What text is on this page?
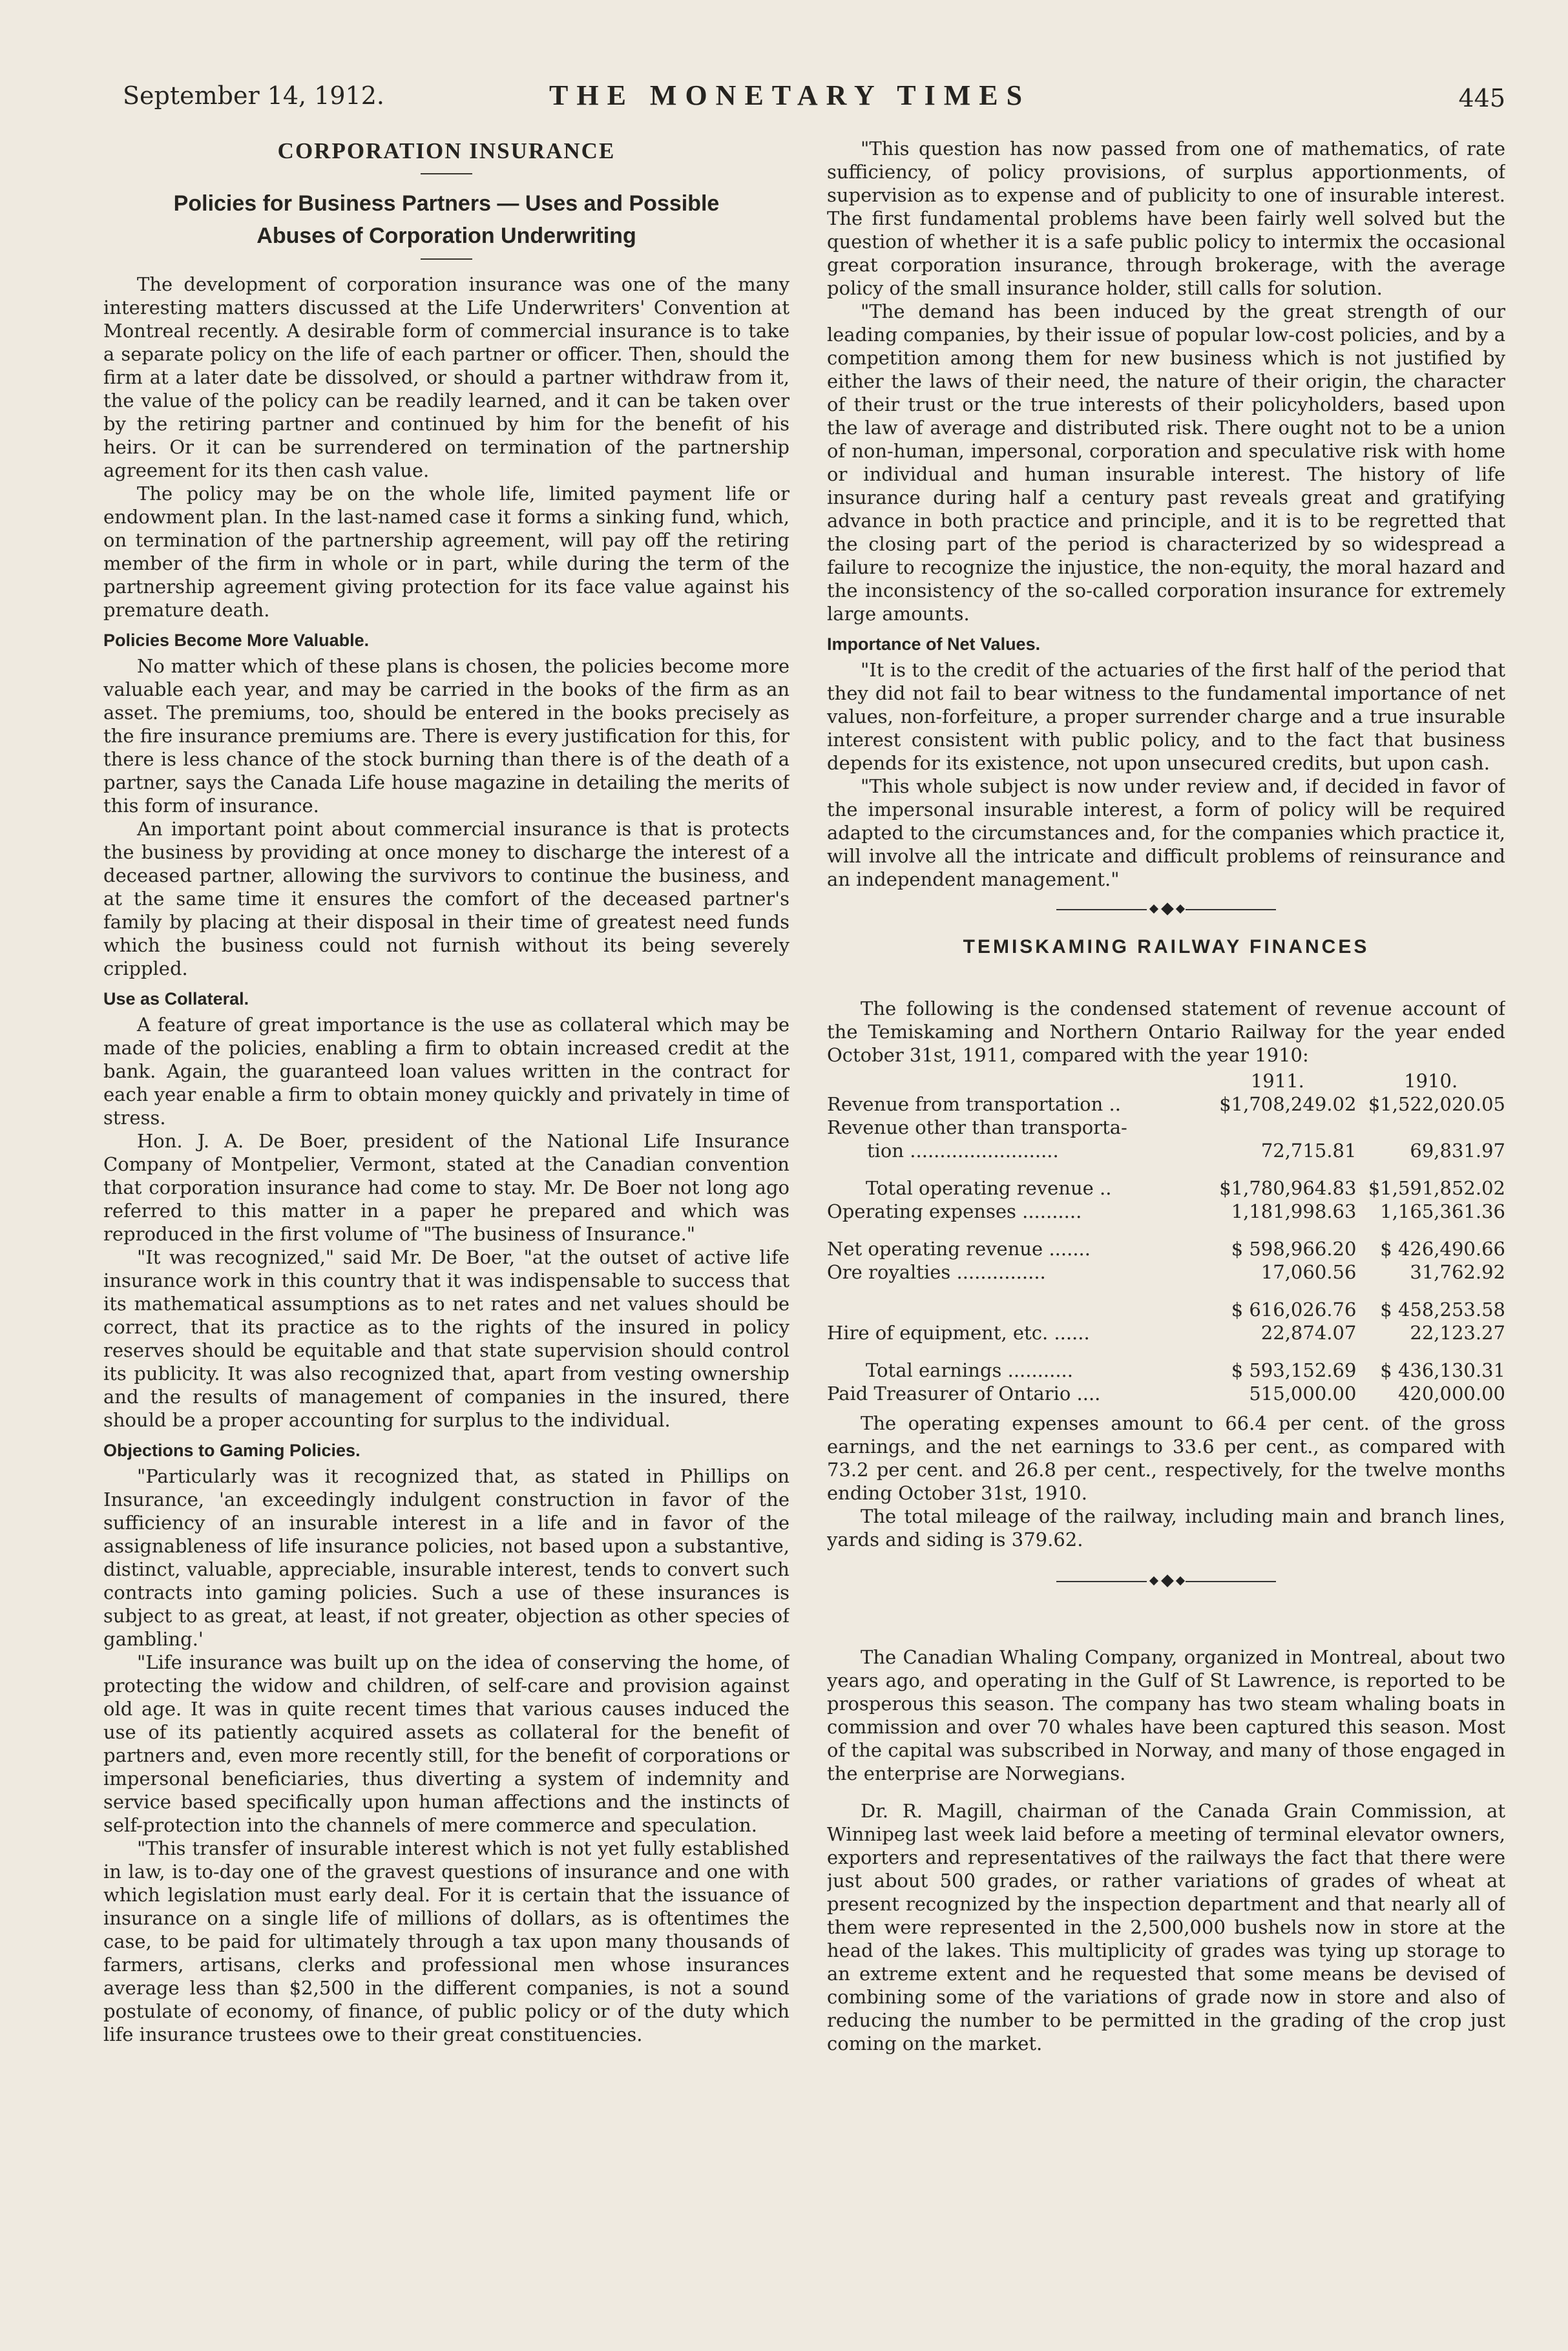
September 14, 1912.	THE MONETARY TIMES	445
CORPORATION INSURANCE
Policies for Business Partners — Uses and Possible
Abuses of Corporation Underwriting

The development of corporation insurance was one of the many interesting matters discussed at the Life Underwriters' Convention at Montreal recently. A desirable form of commercial insurance is to take a separate policy on the life of each partner or officer. Then, should the firm at a later date be dissolved, or should a partner withdraw from it, the value of the policy can be readily learned, and it can be taken over by the retiring partner and continued by him for the benefit of his heirs. Or it can be surrendered on termination of the partnership agreement for its then cash value.

The policy may be on the whole life, limited payment life or endowment plan. In the last-named case it forms a sinking fund, which, on termination of the partnership agreement, will pay off the retiring member of the firm in whole or in part, while during the term of the partnership agreement giving protection for its face value against his premature death.

Policies Become More Valuable.

No matter which of these plans is chosen, the policies become more valuable each year, and may be carried in the books of the firm as an asset. The premiums, too, should be entered in the books precisely as the fire insurance premiums are. There is every justification for this, for there is less chance of the stock burning than there is of the death of a partner, says the Canada Life house magazine in detailing the merits of this form of insurance.

An important point about commercial insurance is that is protects the business by providing at once money to discharge the interest of a deceased partner, allowing the survivors to continue the business, and at the same time it ensures the comfort of the deceased partner's family by placing at their disposal in their time of greatest need funds which the business could not furnish without its being severely crippled.

Use as Collateral.

A feature of great importance is the use as collateral which may be made of the policies, enabling a firm to obtain increased credit at the bank. Again, the guaranteed loan values written in the contract for each year enable a firm to obtain money quickly and privately in time of stress.

Hon. J. A. De Boer, president of the National Life Insurance Company of Montpelier, Vermont, stated at the Canadian convention that corporation insurance had come to stay. Mr. De Boer not long ago referred to this matter in a paper he prepared and which was reproduced in the first volume of "The business of Insurance."

"It was recognized," said Mr. De Boer, "at the outset of active life insurance work in this country that it was indispensable to success that its mathematical assumptions as to net rates and net values should be correct, that its practice as to the rights of the insured in policy reserves should be equitable and that state supervision should control its publicity. It was also recognized that, apart from vesting ownership and the results of management of companies in the insured, there should be a proper accounting for surplus to the individual.

Objections to Gaming Policies.

"Particularly was it recognized that, as stated in Phillips on Insurance, 'an exceedingly indulgent construction in favor of the sufficiency of an insurable interest in a life and in favor of the assignableness of life insurance policies, not based upon a substantive, distinct, valuable, appreciable, insurable interest, tends to convert such contracts into gaming policies. Such a use of these insurances is subject to as great, at least, if not greater, objection as other species of gambling.'

"Life insurance was built up on the idea of conserving the home, of protecting the widow and children, of self-care and provision against old age. It was in quite recent times that various causes induced the use of its patiently acquired assets as collateral for the benefit of partners and, even more recently still, for the benefit of corporations or impersonal beneficiaries, thus diverting a system of indemnity and service based specifically upon human affections and the instincts of self-protection into the channels of mere commerce and speculation.

"This transfer of insurable interest which is not yet fully established in law, is to-day one of the gravest questions of insurance and one with which legislation must early deal. For it is certain that the issuance of insurance on a single life of millions of dollars, as is oftentimes the case, to be paid for ultimately through a tax upon many thousands of farmers, artisans, clerks and professional men whose insurances average less than $2,500 in the different companies, is not a sound postulate of economy, of finance, of public policy or of the duty which life insurance trustees owe to their great constituencies.

"This question has now passed from one of mathematics, of rate sufficiency, of policy provisions, of surplus apportionments, of supervision as to expense and of publicity to one of insurable interest. The first fundamental problems have been fairly well solved but the question of whether it is a safe public policy to intermix the occasional great corporation insurance, through brokerage, with the average policy of the small insurance holder, still calls for solution.

"The demand has been induced by the great strength of our leading companies, by their issue of popular low-cost policies, and by a competition among them for new business which is not justified by either the laws of their need, the nature of their origin, the character of their trust or the true interests of their policyholders, based upon the law of average and distributed risk. There ought not to be a union of non-human, impersonal, corporation and speculative risk with home or individual and human insurable interest. The history of life insurance during half a century past reveals great and gratifying advance in both practice and principle, and it is to be regretted that the closing part of the period is characterized by so widespread a failure to recognize the injustice, the non-equity, the moral hazard and the inconsistency of the so-called corporation insurance for extremely large amounts.

Importance of Net Values.

"It is to the credit of the actuaries of the first half of the period that they did not fail to bear witness to the fundamental importance of net values, non-forfeiture, a proper surrender charge and a true insurable interest consistent with public policy, and to the fact that business depends for its existence, not upon unsecured credits, but upon cash.

"This whole subject is now under review and, if decided in favor of the impersonal insurable interest, a form of policy will be required adapted to the circumstances and, for the companies which practice it, will involve all the intricate and difficult problems of reinsurance and an independent management."

TEMISKAMING RAILWAY FINANCES

The following is the condensed statement of revenue account of the Temiskaming and Northern Ontario Railway for the year ended October 31st, 1911, compared with the year 1910:

	1911.	1910.
Revenue from transportation ..	$1,708,249.02	$1,522,020.05
Revenue other than transporta-		
tion .........................	72,715.81	69,831.97

Total operating revenue ..	$1,780,964.83	$1,591,852.02
Operating expenses ..........	1,181,998.63	1,165,361.36

Net operating revenue .......	$ 598,966.20	$ 426,490.66
Ore royalties ...............	17,060.56	31,762.92

	$ 616,026.76	$ 458,253.58
Hire of equipment, etc. ......	22,874.07	22,123.27

Total earnings ...........	$ 593,152.69	$ 436,130.31
Paid Treasurer of Ontario ....	515,000.00	420,000.00

The operating expenses amount to 66.4 per cent. of the gross earnings, and the net earnings to 33.6 per cent., as compared with 73.2 per cent. and 26.8 per cent., respectively, for the twelve months ending October 31st, 1910.

The total mileage of the railway, including main and branch lines, yards and siding is 379.62.

The Canadian Whaling Company, organized in Montreal, about two years ago, and operating in the Gulf of St Lawrence, is reported to be prosperous this season. The company has two steam whaling boats in commission and over 70 whales have been captured this season. Most of the capital was subscribed in Norway, and many of those engaged in the enterprise are Norwegians.

Dr. R. Magill, chairman of the Canada Grain Commission, at Winnipeg last week laid before a meeting of terminal elevator owners, exporters and representatives of the railways the fact that there were just about 500 grades, or rather variations of grades of wheat at present recognized by the inspection department and that nearly all of them were represented in the 2,500,000 bushels now in store at the head of the lakes. This multiplicity of grades was tying up storage to an extreme extent and he requested that some means be devised of combining some of the variations of grade now in store and also of reducing the number to be permitted in the grading of the crop just coming on the market.
